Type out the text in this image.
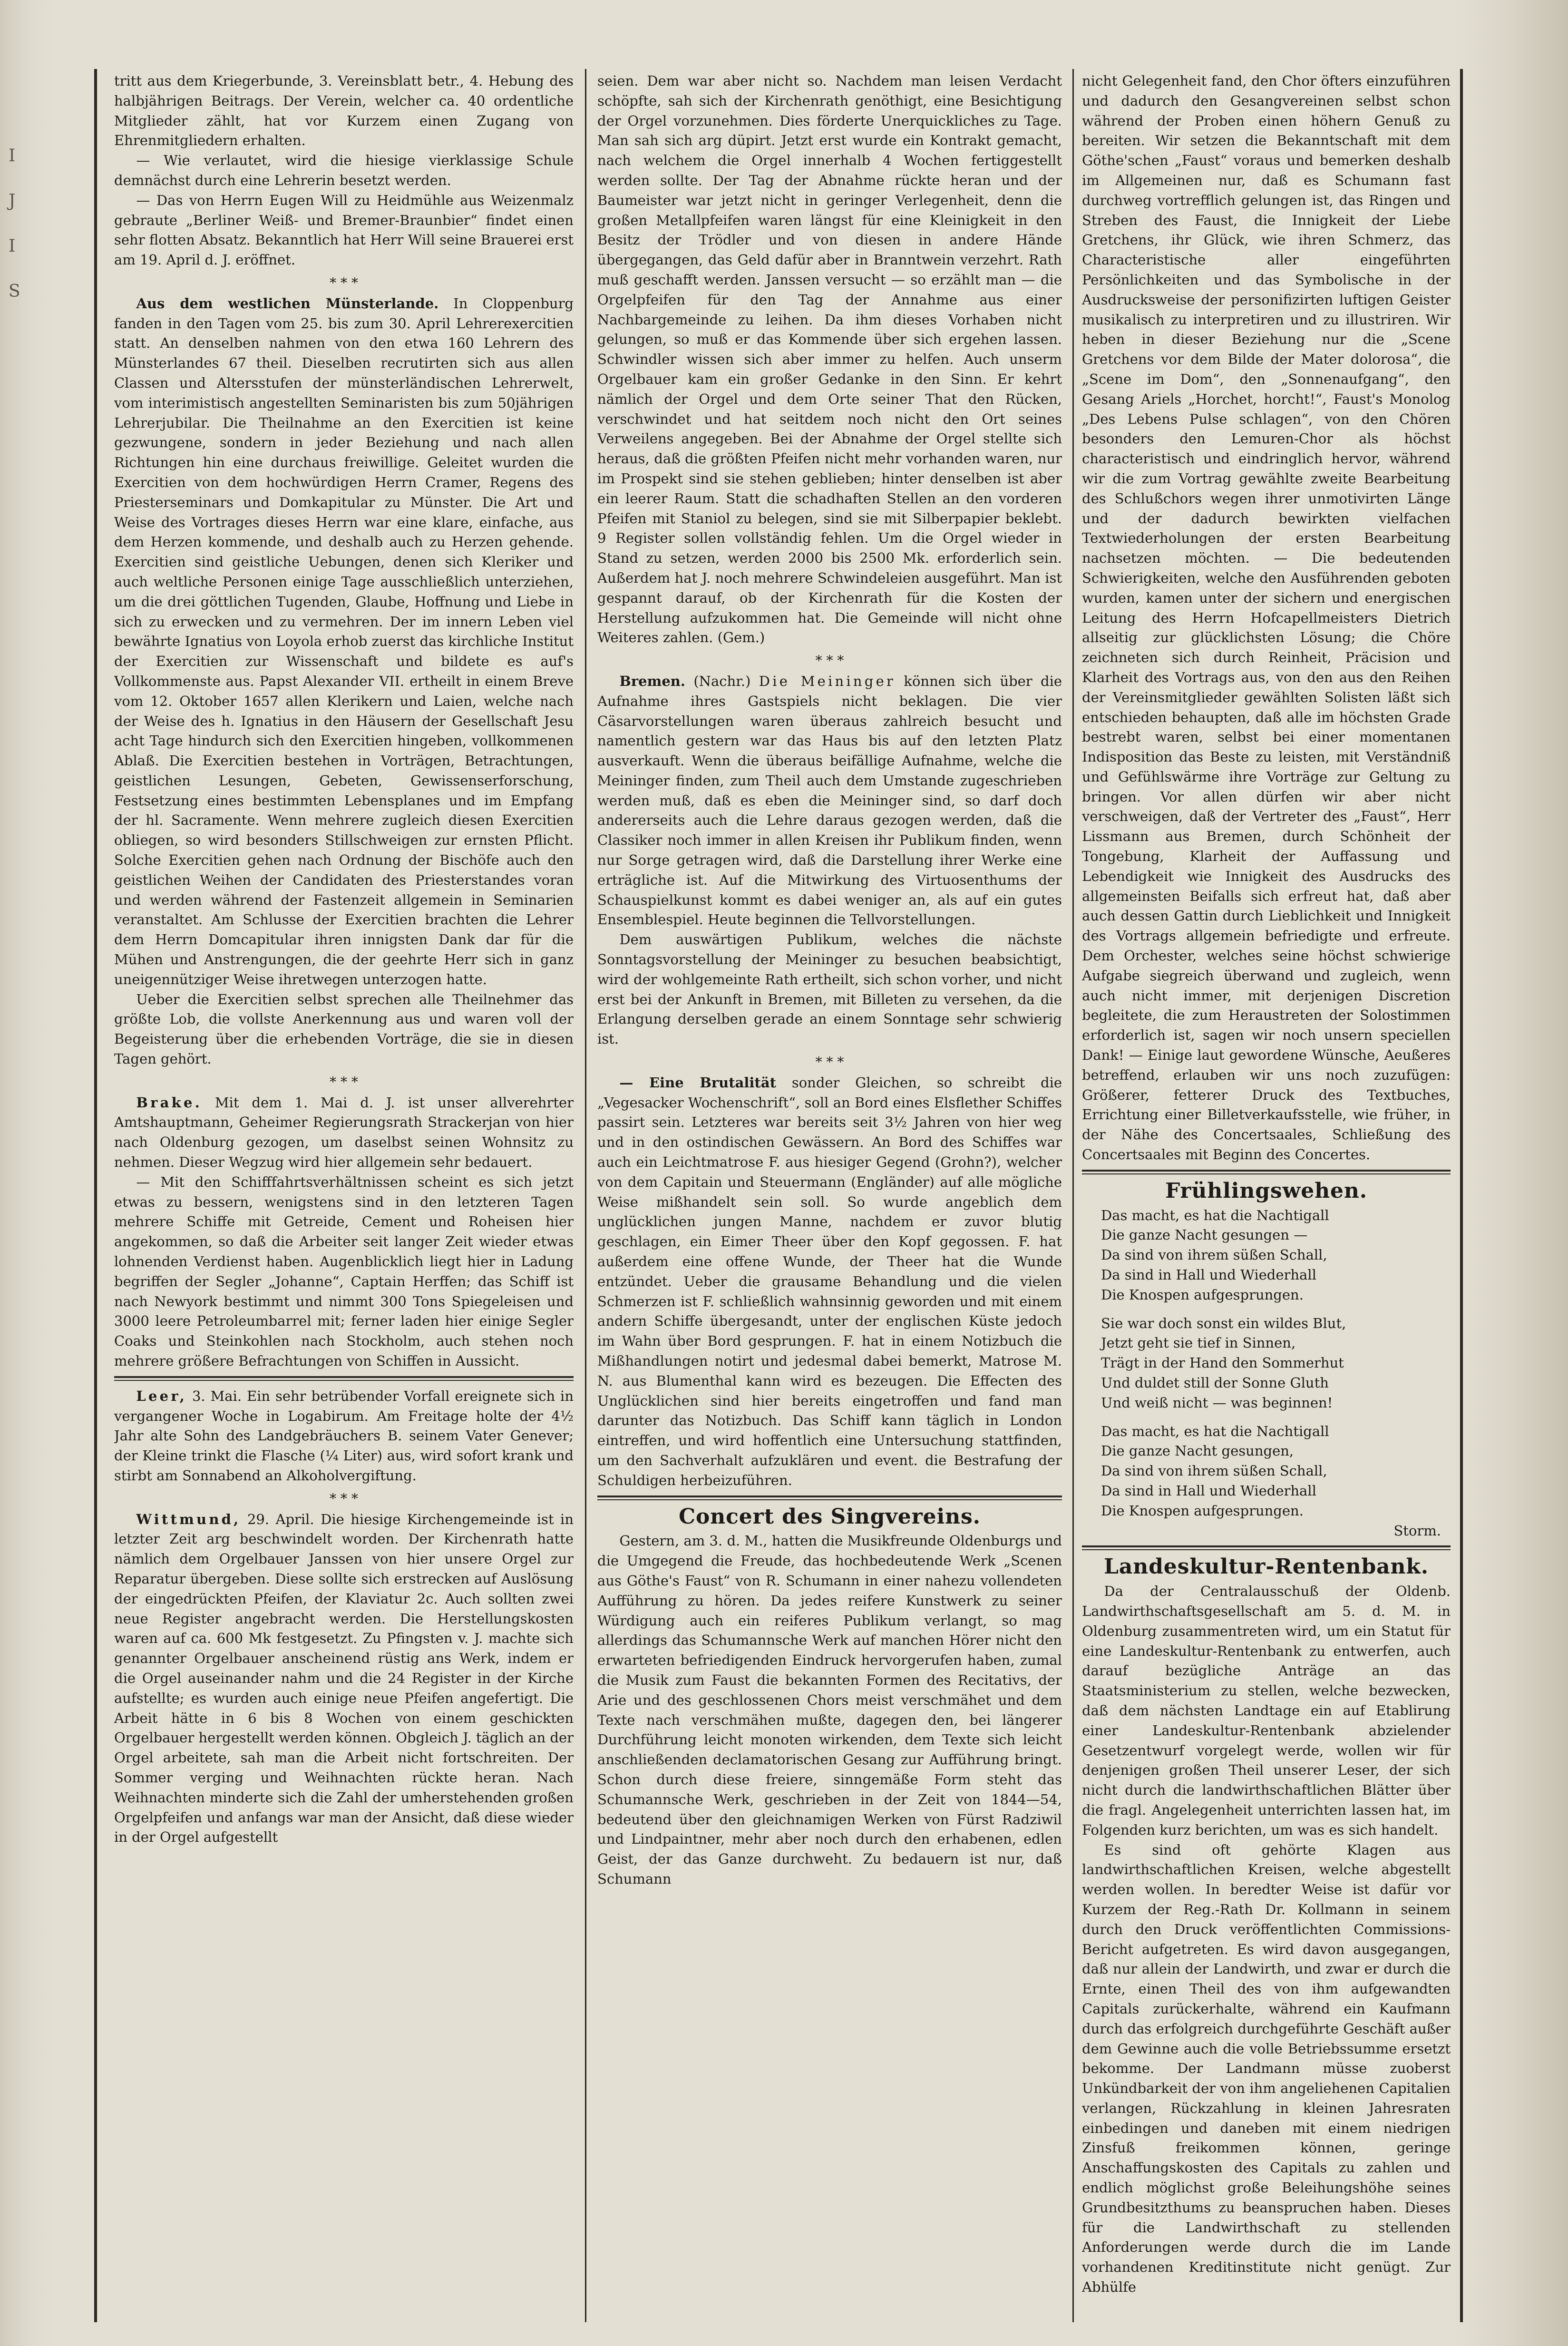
I
J
I
S

tritt aus dem Kriegerbunde, 3. Vereinsblatt betr., 4. Hebung des halbjährigen Beitrags. Der Verein, welcher ca. 40 ordentliche Mitglieder zählt, hat vor Kurzem einen Zugang von Ehrenmitgliedern erhalten.

— Wie verlautet, wird die hiesige vierklassige Schule demnächst durch eine Lehrerin besetzt werden.

— Das von Herrn Eugen Will zu Heidmühle aus Weizenmalz gebraute „Berliner Weiß- und Bremer-Braunbier“ findet einen sehr flotten Absatz. Bekanntlich hat Herr Will seine Brauerei erst am 19. April d. J. eröffnet.

* * *

Aus dem westlichen Münsterlande. In Cloppenburg fanden in den Tagen vom 25. bis zum 30. April Lehrerexercitien statt. An denselben nahmen von den etwa 160 Lehrern des Münsterlandes 67 theil. Dieselben recrutirten sich aus allen Classen und Altersstufen der münsterländischen Lehrerwelt, vom interimistisch angestellten Seminaristen bis zum 50jährigen Lehrerjubilar. Die Theilnahme an den Exercitien ist keine gezwungene, sondern in jeder Beziehung und nach allen Richtungen hin eine durchaus freiwillige. Geleitet wurden die Exercitien von dem hochwürdigen Herrn Cramer, Regens des Priesterseminars und Domkapitular zu Münster. Die Art und Weise des Vortrages dieses Herrn war eine klare, einfache, aus dem Herzen kommende, und deshalb auch zu Herzen gehende. Exercitien sind geistliche Uebungen, denen sich Kleriker und auch weltliche Personen einige Tage ausschließlich unterziehen, um die drei göttlichen Tugenden, Glaube, Hoffnung und Liebe in sich zu erwecken und zu vermehren. Der im innern Leben viel bewährte Ignatius von Loyola erhob zuerst das kirchliche Institut der Exercitien zur Wissenschaft und bildete es auf's Vollkommenste aus. Papst Alexander VII. ertheilt in einem Breve vom 12. Oktober 1657 allen Klerikern und Laien, welche nach der Weise des h. Ignatius in den Häusern der Gesellschaft Jesu acht Tage hindurch sich den Exercitien hingeben, vollkommenen Ablaß. Die Exercitien bestehen in Vorträgen, Betrachtungen, geistlichen Lesungen, Gebeten, Gewissenserforschung, Festsetzung eines bestimmten Lebensplanes und im Empfang der hl. Sacramente. Wenn mehrere zugleich diesen Exercitien obliegen, so wird besonders Stillschweigen zur ernsten Pflicht. Solche Exercitien gehen nach Ordnung der Bischöfe auch den geistlichen Weihen der Candidaten des Priesterstandes voran und werden während der Fastenzeit allgemein in Seminarien veranstaltet. Am Schlusse der Exercitien brachten die Lehrer dem Herrn Domcapitular ihren innigsten Dank dar für die Mühen und Anstrengungen, die der geehrte Herr sich in ganz uneigennütziger Weise ihretwegen unterzogen hatte.

Ueber die Exercitien selbst sprechen alle Theilnehmer das größte Lob, die vollste Anerkennung aus und waren voll der Begeisterung über die erhebenden Vorträge, die sie in diesen Tagen gehört.

* * *

Brake. Mit dem 1. Mai d. J. ist unser allverehrter Amtshauptmann, Geheimer Regierungsrath Strackerjan von hier nach Oldenburg gezogen, um daselbst seinen Wohnsitz zu nehmen. Dieser Wegzug wird hier allgemein sehr bedauert.

— Mit den Schifffahrtsverhältnissen scheint es sich jetzt etwas zu bessern, wenigstens sind in den letzteren Tagen mehrere Schiffe mit Getreide, Cement und Roheisen hier angekommen, so daß die Arbeiter seit langer Zeit wieder etwas lohnenden Verdienst haben. Augenblicklich liegt hier in Ladung begriffen der Segler „Johanne“, Captain Herffen; das Schiff ist nach Newyork bestimmt und nimmt 300 Tons Spiegeleisen und 3000 leere Petroleumbarrel mit; ferner laden hier einige Segler Coaks und Steinkohlen nach Stockholm, auch stehen noch mehrere größere Befrachtungen von Schiffen in Aussicht.

Leer, 3. Mai. Ein sehr betrübender Vorfall ereignete sich in vergangener Woche in Logabirum. Am Freitage holte der 4½ Jahr alte Sohn des Landgebräuchers B. seinem Vater Genever; der Kleine trinkt die Flasche (¼ Liter) aus, wird sofort krank und stirbt am Sonnabend an Alkoholvergiftung.

* * *

Wittmund, 29. April. Die hiesige Kirchengemeinde ist in letzter Zeit arg beschwindelt worden. Der Kirchenrath hatte nämlich dem Orgelbauer Janssen von hier unsere Orgel zur Reparatur übergeben. Diese sollte sich erstrecken auf Auslösung der eingedrückten Pfeifen, der Klaviatur 2c. Auch sollten zwei neue Register angebracht werden. Die Herstellungskosten waren auf ca. 600 Mk festgesetzt. Zu Pfingsten v. J. machte sich genannter Orgelbauer anscheinend rüstig ans Werk, indem er die Orgel auseinander nahm und die 24 Register in der Kirche aufstellte; es wurden auch einige neue Pfeifen angefertigt. Die Arbeit hätte in 6 bis 8 Wochen von einem geschickten Orgelbauer hergestellt werden können. Obgleich J. täglich an der Orgel arbeitete, sah man die Arbeit nicht fortschreiten. Der Sommer verging und Weihnachten rückte heran. Nach Weihnachten minderte sich die Zahl der umherstehenden großen Orgelpfeifen und anfangs war man der Ansicht, daß diese wieder in der Orgel aufgestellt

seien. Dem war aber nicht so. Nachdem man leisen Verdacht schöpfte, sah sich der Kirchenrath genöthigt, eine Besichtigung der Orgel vorzunehmen. Dies förderte Unerquickliches zu Tage. Man sah sich arg düpirt. Jetzt erst wurde ein Kontrakt gemacht, nach welchem die Orgel innerhalb 4 Wochen fertiggestellt werden sollte. Der Tag der Abnahme rückte heran und der Baumeister war jetzt nicht in geringer Verlegenheit, denn die großen Metallpfeifen waren längst für eine Kleinigkeit in den Besitz der Trödler und von diesen in andere Hände übergegangen, das Geld dafür aber in Branntwein verzehrt. Rath muß geschafft werden. Janssen versucht — so erzählt man — die Orgelpfeifen für den Tag der Annahme aus einer Nachbargemeinde zu leihen. Da ihm dieses Vorhaben nicht gelungen, so muß er das Kommende über sich ergehen lassen. Schwindler wissen sich aber immer zu helfen. Auch unserm Orgelbauer kam ein großer Gedanke in den Sinn. Er kehrt nämlich der Orgel und dem Orte seiner That den Rücken, verschwindet und hat seitdem noch nicht den Ort seines Verweilens angegeben. Bei der Abnahme der Orgel stellte sich heraus, daß die größten Pfeifen nicht mehr vorhanden waren, nur im Prospekt sind sie stehen geblieben; hinter denselben ist aber ein leerer Raum. Statt die schadhaften Stellen an den vorderen Pfeifen mit Staniol zu belegen, sind sie mit Silberpapier beklebt. 9 Register sollen vollständig fehlen. Um die Orgel wieder in Stand zu setzen, werden 2000 bis 2500 Mk. erforderlich sein. Außerdem hat J. noch mehrere Schwindeleien ausgeführt. Man ist gespannt darauf, ob der Kirchenrath für die Kosten der Herstellung aufzukommen hat. Die Gemeinde will nicht ohne Weiteres zahlen. (Gem.)

* * *

Bremen. (Nachr.) Die Meininger können sich über die Aufnahme ihres Gastspiels nicht beklagen. Die vier Cäsarvorstellungen waren überaus zahlreich besucht und namentlich gestern war das Haus bis auf den letzten Platz ausverkauft. Wenn die überaus beifällige Aufnahme, welche die Meininger finden, zum Theil auch dem Umstande zugeschrieben werden muß, daß es eben die Meininger sind, so darf doch andererseits auch die Lehre daraus gezogen werden, daß die Classiker noch immer in allen Kreisen ihr Publikum finden, wenn nur Sorge getragen wird, daß die Darstellung ihrer Werke eine erträgliche ist. Auf die Mitwirkung des Virtuosenthums der Schauspielkunst kommt es dabei weniger an, als auf ein gutes Ensemblespiel. Heute beginnen die Tellvorstellungen.

Dem auswärtigen Publikum, welches die nächste Sonntagsvorstellung der Meininger zu besuchen beabsichtigt, wird der wohlgemeinte Rath ertheilt, sich schon vorher, und nicht erst bei der Ankunft in Bremen, mit Billeten zu versehen, da die Erlangung derselben gerade an einem Sonntage sehr schwierig ist.

* * *

— Eine Brutalität sonder Gleichen, so schreibt die „Vegesacker Wochenschrift“, soll an Bord eines Elsflether Schiffes passirt sein. Letzteres war bereits seit 3½ Jahren von hier weg und in den ostindischen Gewässern. An Bord des Schiffes war auch ein Leichtmatrose F. aus hiesiger Gegend (Grohn?), welcher von dem Capitain und Steuermann (Engländer) auf alle mögliche Weise mißhandelt sein soll. So wurde angeblich dem unglücklichen jungen Manne, nachdem er zuvor blutig geschlagen, ein Eimer Theer über den Kopf gegossen. F. hat außerdem eine offene Wunde, der Theer hat die Wunde entzündet. Ueber die grausame Behandlung und die vielen Schmerzen ist F. schließlich wahnsinnig geworden und mit einem andern Schiffe übergesandt, unter der englischen Küste jedoch im Wahn über Bord gesprungen. F. hat in einem Notizbuch die Mißhandlungen notirt und jedesmal dabei bemerkt, Matrose M. N. aus Blumenthal kann wird es bezeugen. Die Effecten des Unglücklichen sind hier bereits eingetroffen und fand man darunter das Notizbuch. Das Schiff kann täglich in London eintreffen, und wird hoffentlich eine Untersuchung stattfinden, um den Sachverhalt aufzuklären und event. die Bestrafung der Schuldigen herbeizuführen.

Concert des Singvereins.

Gestern, am 3. d. M., hatten die Musikfreunde Oldenburgs und die Umgegend die Freude, das hochbedeutende Werk „Scenen aus Göthe's Faust“ von R. Schumann in einer nahezu vollendeten Aufführung zu hören. Da jedes reifere Kunstwerk zu seiner Würdigung auch ein reiferes Publikum verlangt, so mag allerdings das Schumannsche Werk auf manchen Hörer nicht den erwarteten befriedigenden Eindruck hervorgerufen haben, zumal die Musik zum Faust die bekannten Formen des Recitativs, der Arie und des geschlossenen Chors meist verschmähet und dem Texte nach verschmähen mußte, dagegen den, bei längerer Durchführung leicht monoten wirkenden, dem Texte sich leicht anschließenden declamatorischen Gesang zur Aufführung bringt. Schon durch diese freiere, sinngemäße Form steht das Schumannsche Werk, geschrieben in der Zeit von 1844—54, bedeutend über den gleichnamigen Werken von Fürst Radziwil und Lindpaintner, mehr aber noch durch den erhabenen, edlen Geist, der das Ganze durchweht. Zu bedauern ist nur, daß Schumann

nicht Gelegenheit fand, den Chor öfters einzuführen und dadurch den Gesangvereinen selbst schon während der Proben einen höhern Genuß zu bereiten. Wir setzen die Bekanntschaft mit dem Göthe'schen „Faust“ voraus und bemerken deshalb im Allgemeinen nur, daß es Schumann fast durchweg vortrefflich gelungen ist, das Ringen und Streben des Faust, die Innigkeit der Liebe Gretchens, ihr Glück, wie ihren Schmerz, das Characteristische aller eingeführten Persönlichkeiten und das Symbolische in der Ausdrucksweise der personifizirten luftigen Geister musikalisch zu interpretiren und zu illustriren. Wir heben in dieser Beziehung nur die „Scene Gretchens vor dem Bilde der Mater dolorosa“, die „Scene im Dom“, den „Sonnenaufgang“, den Gesang Ariels „Horchet, horcht!“, Faust's Monolog „Des Lebens Pulse schlagen“, von den Chören besonders den Lemuren-Chor als höchst characteristisch und eindringlich hervor, während wir die zum Vortrag gewählte zweite Bearbeitung des Schlußchors wegen ihrer unmotivirten Länge und der dadurch bewirkten vielfachen Textwiederholungen der ersten Bearbeitung nachsetzen möchten. — Die bedeutenden Schwierigkeiten, welche den Ausführenden geboten wurden, kamen unter der sichern und energischen Leitung des Herrn Hofcapellmeisters Dietrich allseitig zur glücklichsten Lösung; die Chöre zeichneten sich durch Reinheit, Präcision und Klarheit des Vortrags aus, von den aus den Reihen der Vereinsmitglieder gewählten Solisten läßt sich entschieden behaupten, daß alle im höchsten Grade bestrebt waren, selbst bei einer momentanen Indisposition das Beste zu leisten, mit Verständniß und Gefühlswärme ihre Vorträge zur Geltung zu bringen. Vor allen dürfen wir aber nicht verschweigen, daß der Vertreter des „Faust“, Herr Lissmann aus Bremen, durch Schönheit der Tongebung, Klarheit der Auffassung und Lebendigkeit wie Innigkeit des Ausdrucks des allgemeinsten Beifalls sich erfreut hat, daß aber auch dessen Gattin durch Lieblichkeit und Innigkeit des Vortrags allgemein befriedigte und erfreute. Dem Orchester, welches seine höchst schwierige Aufgabe siegreich überwand und zugleich, wenn auch nicht immer, mit derjenigen Discretion begleitete, die zum Heraustreten der Solostimmen erforderlich ist, sagen wir noch unsern speciellen Dank! — Einige laut gewordene Wünsche, Aeußeres betreffend, erlauben wir uns noch zuzufügen: Größerer, fetterer Druck des Textbuches, Errichtung einer Billetverkaufsstelle, wie früher, in der Nähe des Concertsaales, Schließung des Concertsaales mit Beginn des Concertes.

Frühlingswehen.
Das macht, es hat die Nachtigall
Die ganze Nacht gesungen —
Da sind von ihrem süßen Schall,
Da sind in Hall und Wiederhall
Die Knospen aufgesprungen.
Sie war doch sonst ein wildes Blut,
Jetzt geht sie tief in Sinnen,
Trägt in der Hand den Sommerhut
Und duldet still der Sonne Gluth
Und weiß nicht — was beginnen!
Das macht, es hat die Nachtigall
Die ganze Nacht gesungen,
Da sind von ihrem süßen Schall,
Da sind in Hall und Wiederhall
Die Knospen aufgesprungen.
Storm.
Landeskultur-Rentenbank.

Da der Centralausschuß der Oldenb. Landwirthschaftsgesellschaft am 5. d. M. in Oldenburg zusammentreten wird, um ein Statut für eine Landeskultur-Rentenbank zu entwerfen, auch darauf bezügliche Anträge an das Staatsministerium zu stellen, welche bezwecken, daß dem nächsten Landtage ein auf Etablirung einer Landeskultur-Rentenbank abzielender Gesetzentwurf vorgelegt werde, wollen wir für denjenigen großen Theil unserer Leser, der sich nicht durch die landwirthschaftlichen Blätter über die fragl. Angelegenheit unterrichten lassen hat, im Folgenden kurz berichten, um was es sich handelt.

Es sind oft gehörte Klagen aus landwirthschaftlichen Kreisen, welche abgestellt werden wollen. In beredter Weise ist dafür vor Kurzem der Reg.-Rath Dr. Kollmann in seinem durch den Druck veröffentlichten Commissions-Bericht aufgetreten. Es wird davon ausgegangen, daß nur allein der Landwirth, und zwar er durch die Ernte, einen Theil des von ihm aufgewandten Capitals zurückerhalte, während ein Kaufmann durch das erfolgreich durchgeführte Geschäft außer dem Gewinne auch die volle Betriebssumme ersetzt bekomme. Der Landmann müsse zuoberst Unkündbarkeit der von ihm angeliehenen Capitalien verlangen, Rückzahlung in kleinen Jahresraten einbedingen und daneben mit einem niedrigen Zinsfuß freikommen können, geringe Anschaffungskosten des Capitals zu zahlen und endlich möglichst große Beleihungshöhe seines Grundbesitzthums zu beanspruchen haben. Dieses für die Landwirthschaft zu stellenden Anforderungen werde durch die im Lande vorhandenen Kreditinstitute nicht genügt. Zur Abhülfe
